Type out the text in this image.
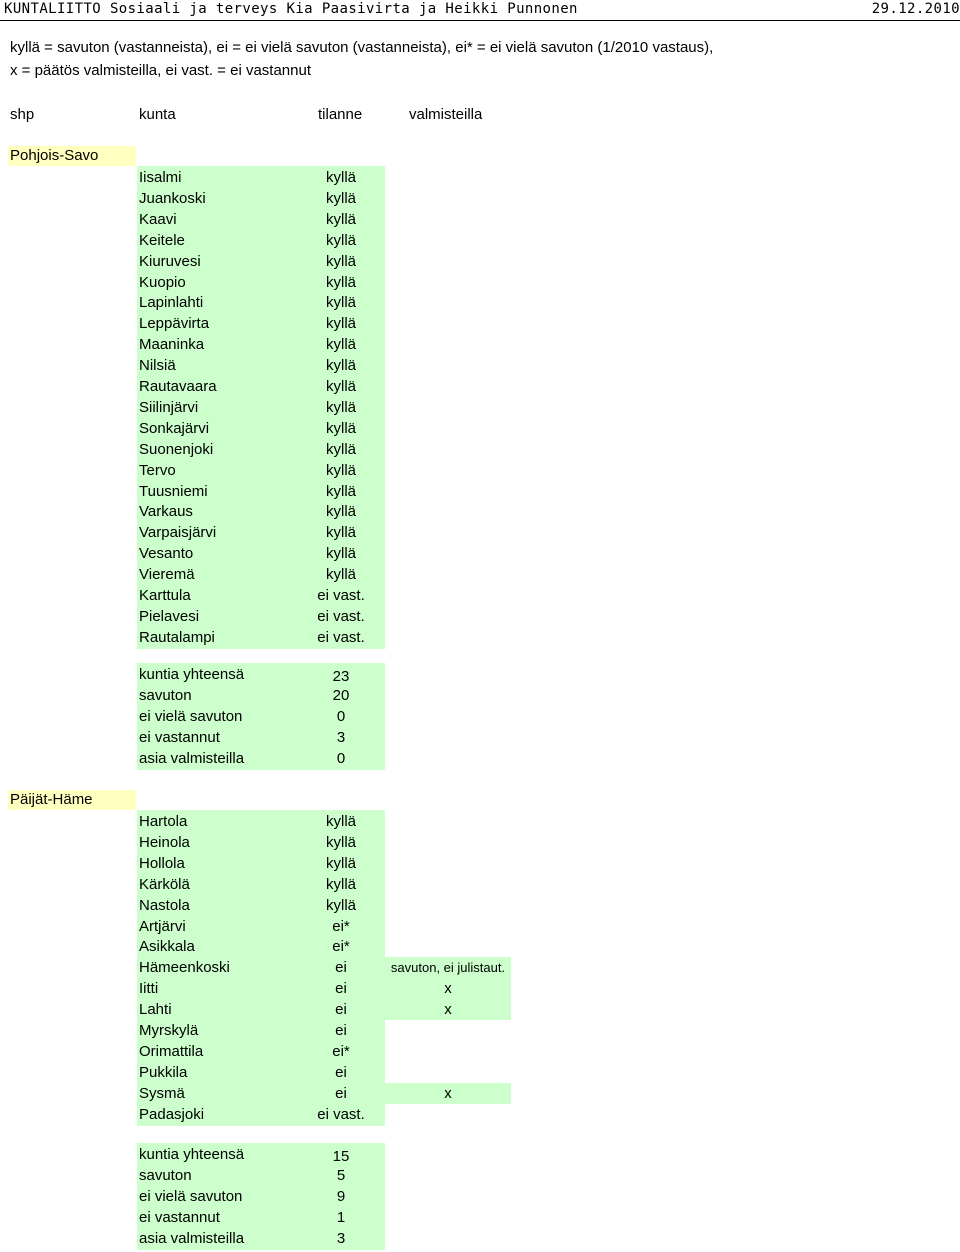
KUNTALIITTO Sosiaali ja terveys Kia Paasivirta ja Heikki Punnonen	29.12.2010
kyllä = savuton (vastanneista), ei = ei vielä savuton (vastanneista), ei* = ei vielä savuton (1/2010 vastaus),
x = päätös valmisteilla, ei vast. = ei vastannut
shp	kunta	tilanne	valmisteilla
Pohjois-Savo
Iisalmi	kyllä
Juankoski	kyllä
Kaavi	kyllä
Keitele	kyllä
Kiuruvesi	kyllä
Kuopio	kyllä
Lapinlahti	kyllä
Leppävirta	kyllä
Maaninka	kyllä
Nilsiä	kyllä
Rautavaara	kyllä
Siilinjärvi	kyllä
Sonkajärvi	kyllä
Suonenjoki	kyllä
Tervo	kyllä
Tuusniemi	kyllä
Varkaus	kyllä
Varpaisjärvi	kyllä
Vesanto	kyllä
Vieremä	kyllä
Karttula	ei vast.
Pielavesi	ei vast.
Rautalampi	ei vast.
kuntia yhteensä	23
savuton	20
ei vielä savuton	0
ei vastannut	3
asia valmisteilla	0
Päijät-Häme
Hartola	kyllä
Heinola	kyllä
Hollola	kyllä
Kärkölä	kyllä
Nastola	kyllä
Artjärvi	ei*
Asikkala	ei*
Hämeenkoski	ei	savuton, ei julistaut.
Iitti	ei	x
Lahti	ei	x
Myrskylä	ei
Orimattila	ei*
Pukkila	ei
Sysmä	ei	x
Padasjoki	ei vast.
kuntia yhteensä	15
savuton	5
ei vielä savuton	9
ei vastannut	1
asia valmisteilla	3
